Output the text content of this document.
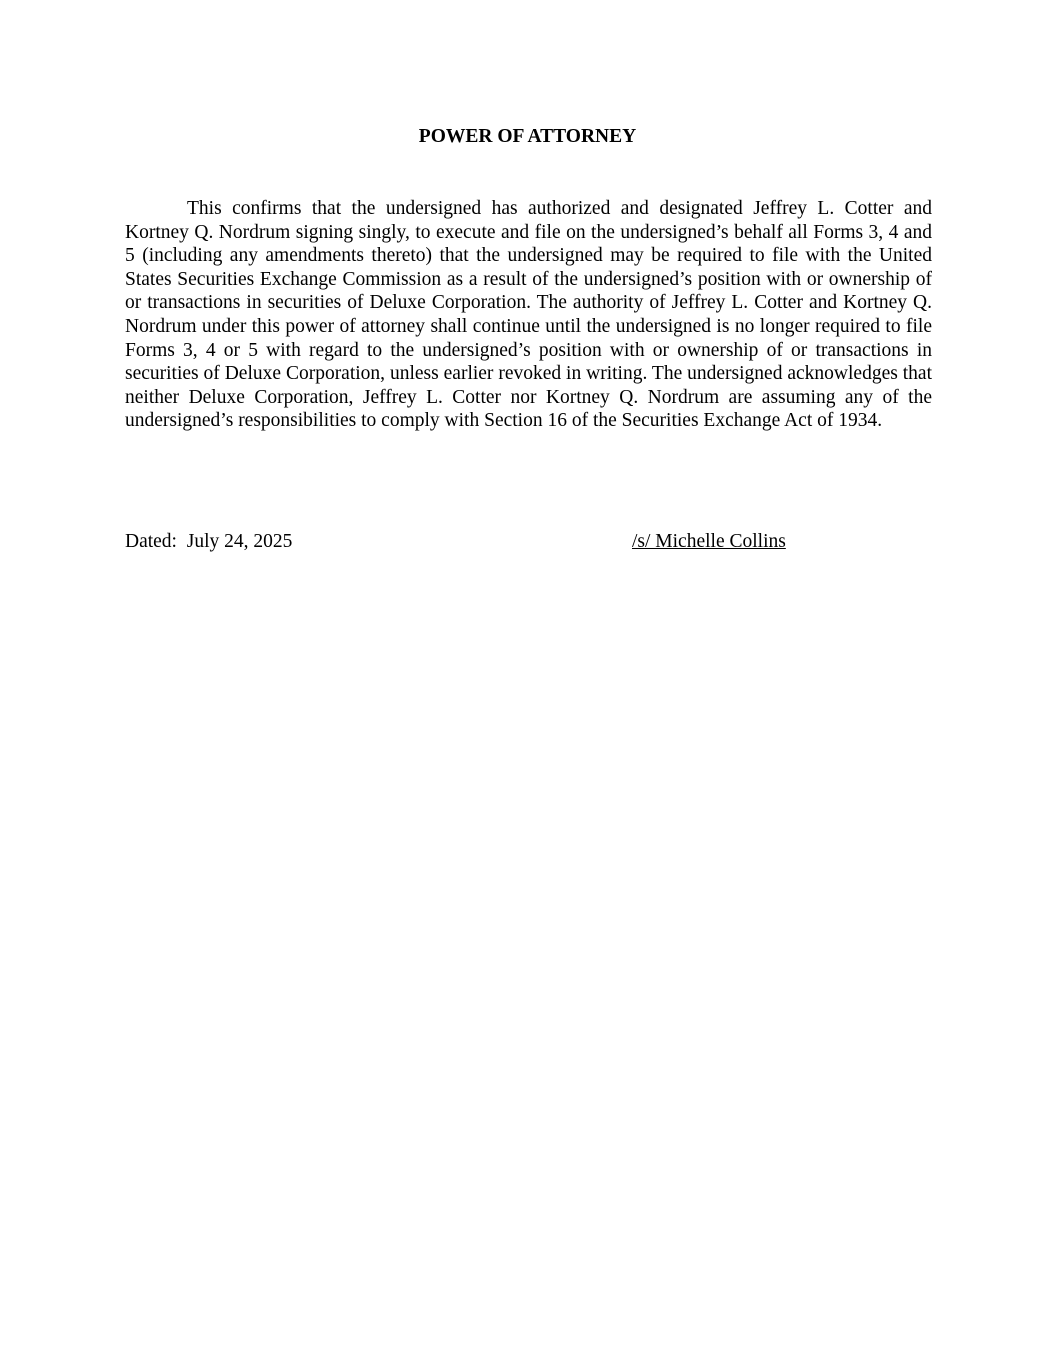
POWER OF ATTORNEY

This confirms that the undersigned has authorized and designated Jeffrey L. Cotter and Kortney Q. Nordrum signing singly, to execute and file on the undersigned’s behalf all Forms 3, 4 and 5 (including any amendments thereto) that the undersigned may be required to file with the United States Securities Exchange Commission as a result of the undersigned’s position with or ownership of or transactions in securities of Deluxe Corporation. The authority of Jeffrey L. Cotter and Kortney Q. Nordrum under this power of attorney shall continue until the undersigned is no longer required to file Forms 3, 4 or 5 with regard to the undersigned’s position with or ownership of or transactions in securities of Deluxe Corporation, unless earlier revoked in writing. The undersigned acknowledges that neither Deluxe Corporation, Jeffrey L. Cotter nor Kortney Q. Nordrum are assuming any of the undersigned’s responsibilities to comply with Section 16 of the Securities Exchange Act of 1934.

Dated:  July 24, 2025	/s/ Michelle Collins
